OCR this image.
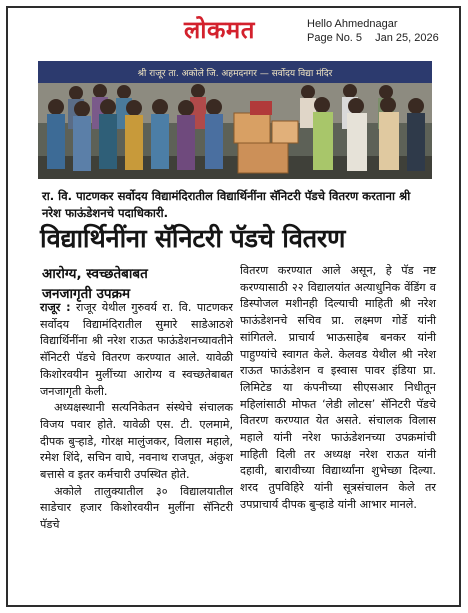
लोकमत	Hello Ahmednagar
Page No. 5 Jan 25, 2026
श्री राजूर ता. अकोले जि. अहमदनगर — सर्वोदय विद्या मंदिर
रा. वि. पाटणकर सर्वोदय विद्यामंदिरातील विद्यार्थिनींना सॅनिटरी पॅडचे वितरण करताना श्री नरेश फाऊंडेशनचे पदाधिकारी.
विद्यार्थिनींना सॅनिटरी पॅडचे वितरण
आरोग्य, स्वच्छतेबाबत
जनजागृती उपक्रम

राजूर : राजूर येथील गुरुवर्य रा. वि. पाटणकर सर्वोदय विद्यामंदिरातील सुमारे साडेआठशे विद्यार्थिनींना श्री नरेश राऊत फाऊंडेशनच्यावतीने सॅनिटरी पॅडचे वितरण करण्यात आले. यावेळी किशोरवयीन मुलींच्या आरोग्य व स्वच्छतेबाबत जनजागृती केली.

अध्यक्षस्थानी सत्यनिकेतन संस्थेचे संचालक विजय पवार होते. यावेळी एस. टी. एलमामे, दीपक बुऱ्हाडे, गोरक्ष मालुंजकर, विलास महाले, रमेश शिंदे, सचिन वाघे, नवनाथ राजपूत, अंकुश बत्तासे व इतर कर्मचारी उपस्थित होते.

अकोले तालुक्यातील ३० विद्यालयातील साडेचार हजार किशोरवयीन मुलींना सॅनिटरी पॅडचे

वितरण करण्यात आले असून, हे पॅड नष्ट करण्यासाठी २२ विद्यालयांत अत्याधुनिक वेंडिंग व डिस्पोजल मशीनही दिल्याची माहिती श्री नरेश फाऊंडेशनचे सचिव प्रा. लक्ष्मण गोर्डे यांनी सांगितले. प्राचार्य भाऊसाहेब बनकर यांनी पाहुण्यांचे स्वागत केले. केलवड येथील श्री नरेश राऊत फाऊंडेशन व इस्वास पावर इंडिया प्रा. लिमिटेड या कंपनीच्या सीएसआर निधीतून महिलांसाठी मोफत ‘लेडी लोटस’ सॅनिटरी पॅडचे वितरण करण्यात येत असते. संचालक विलास महाले यांनी नरेश फाऊंडेशनच्या उपक्रमांची माहिती दिली तर अध्यक्ष नरेश राऊत यांनी दहावी, बारावीच्या विद्यार्थ्यांना शुभेच्छा दिल्या. शरद तुपविहिरे यांनी सूत्रसंचालन केले तर उपप्राचार्य दीपक बुऱ्हाडे यांनी आभार मानले.
